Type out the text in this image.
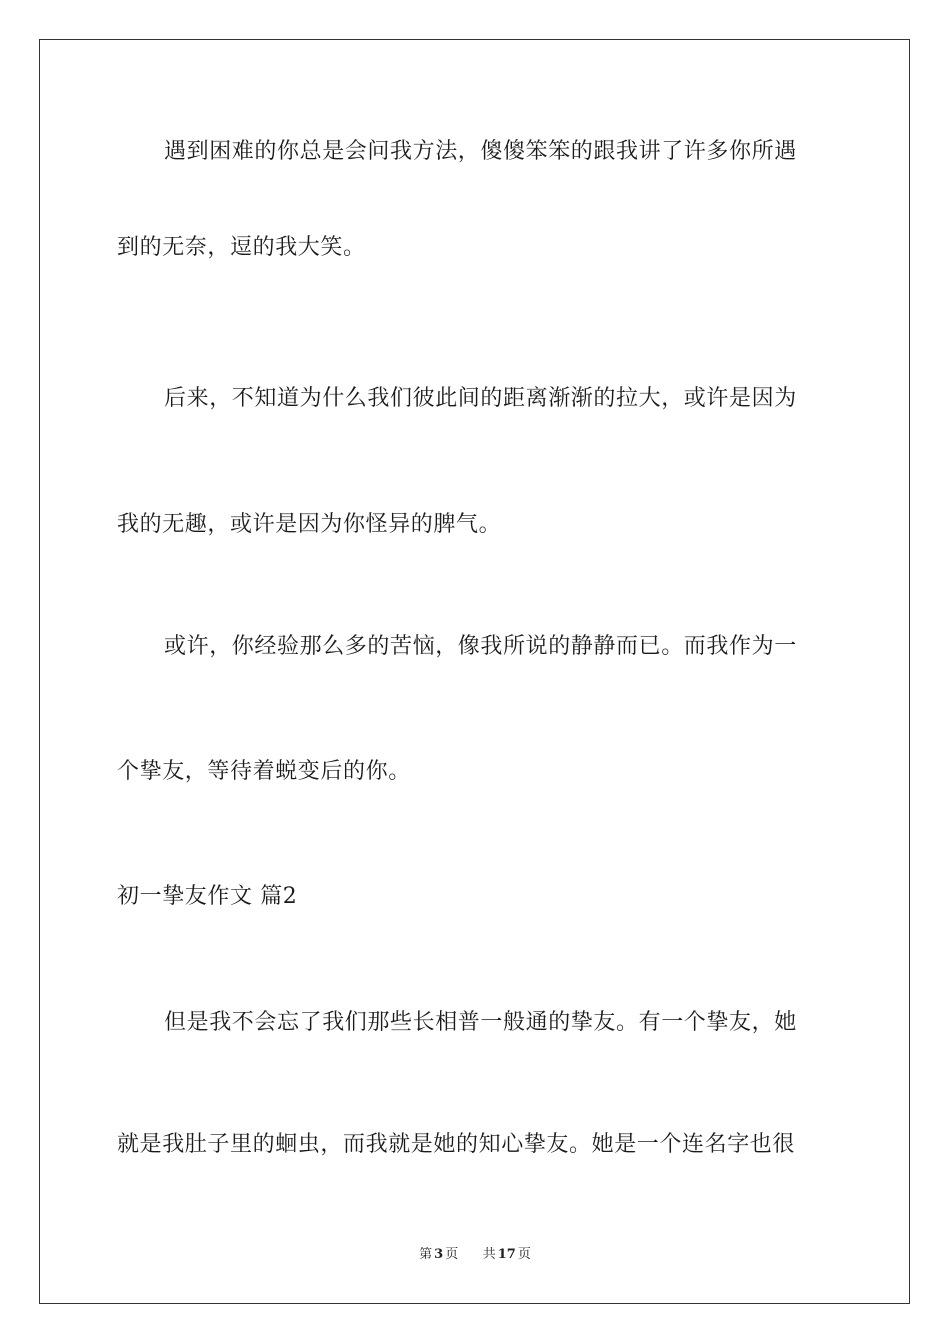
遇到困难的你总是会问我方法，傻傻笨笨的跟我讲了许多你所遇
到的无奈，逗的我大笑。
后来，不知道为什么我们彼此间的距离渐渐的拉大，或许是因为
我的无趣，或许是因为你怪异的脾气。
或许，你经验那么多的苦恼，像我所说的静静而已。而我作为一
个挚友，等待着蜕变后的你。
初一挚友作文 篇2
但是我不会忘了我们那些长相普一般通的挚友。有一个挚友，她
就是我肚子里的蛔虫，而我就是她的知心挚友。她是一个连名字也很
第 3 页 共 17 页
